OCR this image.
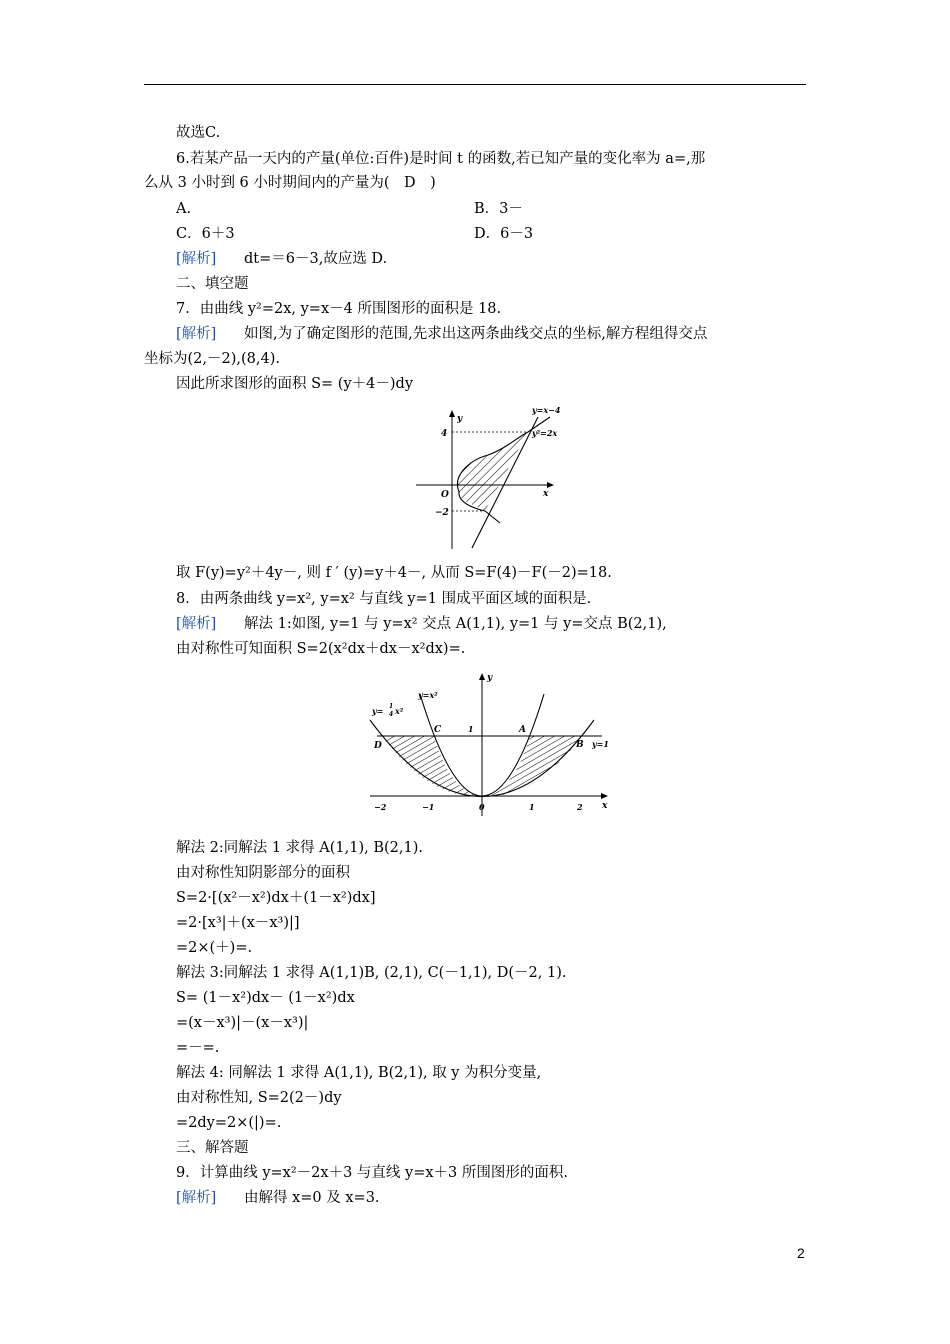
故选C.
6.若某产品一天内的产量(单位:百件)是时间 t 的函数,若已知产量的变化率为 a=,那
么从 3 小时到 6 小时期间内的产量为(　D　)
A.	B．3－
C．6＋3	D．6－3
[解析] dt=＝6－3,故应选 D.
二、填空题
7．由曲线 y²=2x, y=x－4 所围图形的面积是 18.
[解析] 如图,为了确定图形的范围,先求出这两条曲线交点的坐标,解方程组得交点
坐标为(2,－2),(8,4).
因此所求图形的面积 S= (y＋4－)dy
y
x
O
4
−2
y=x−4
y²=2x
取 F(y)=y²＋4y－, 则 f ′ (y)=y＋4－, 从而 S=F(4)－F(－2)=18.
8．由两条曲线 y=x², y=x² 与直线 y=1 围成平面区域的面积是.
[解析] 解法 1:如图, y=1 与 y=x² 交点 A(1,1), y=1 与 y=交点 B(2,1),
由对称性可知面积 S=2(x²dx＋dx－x²dx)=.
y
x
y=x²
y= 1
4 x²
D
C	1	A
B y=1
−2	−1	0	1	2
解法 2:同解法 1 求得 A(1,1), B(2,1).
由对称性知阴影部分的面积
S=2·[(x²－x²)dx＋(1－x²)dx]
=2·[x³|＋(x－x³)|]
=2×(＋)=.
解法 3:同解法 1 求得 A(1,1)B, (2,1), C(－1,1), D(－2, 1).
S= (1－x²)dx－ (1－x²)dx
=(x－x³)|－(x－x³)|
=－=.
解法 4: 同解法 1 求得 A(1,1), B(2,1), 取 y 为积分变量,
由对称性知, S=2(2－)dy
=2dy=2×(|)=.
三、解答题
9．计算曲线 y=x²－2x＋3 与直线 y=x＋3 所围图形的面积.
[解析] 由解得 x=0 及 x=3.
2
